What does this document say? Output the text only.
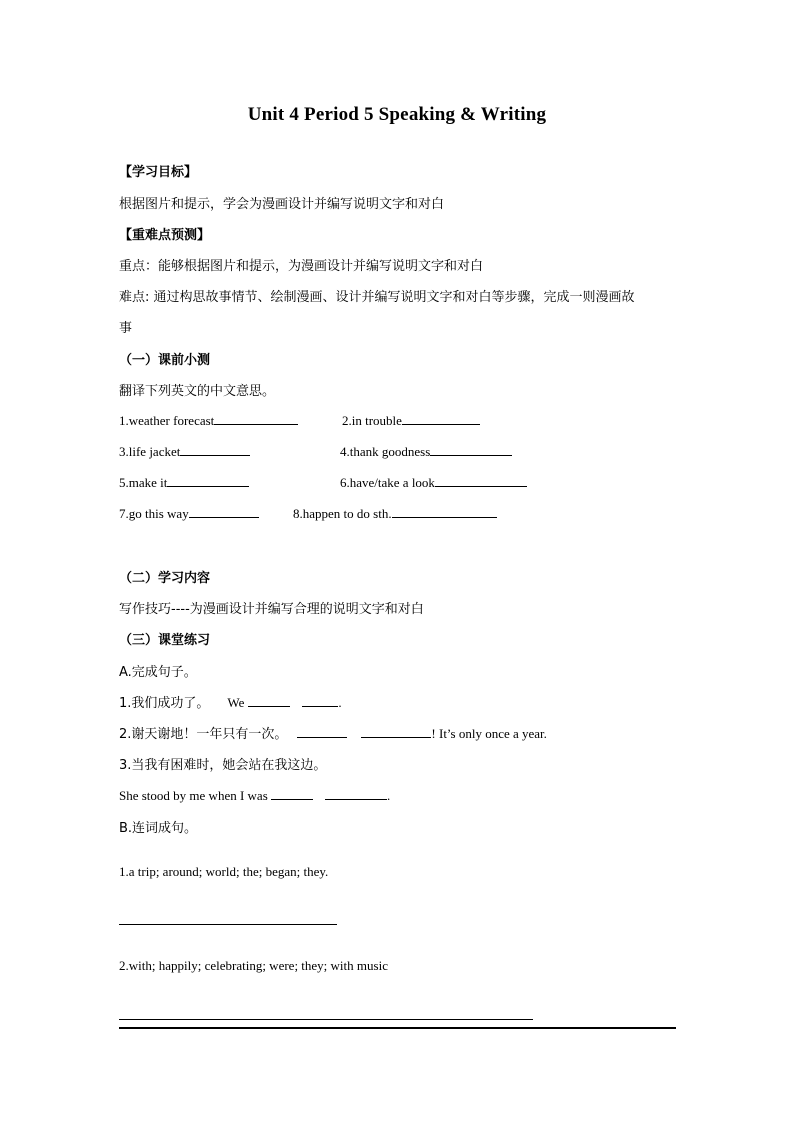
Unit 4 Period 5 Speaking & Writing
【学习目标】
根据图片和提示，学会为漫画设计并编写说明文字和对白
【重难点预测】
重点：能够根据图片和提示，为漫画设计并编写说明文字和对白
难点: 通过构思故事情节、绘制漫画、设计并编写说明文字和对白等步骤，完成一则漫画故
事
（一）课前小测
翻译下列英文的中文意思。
1.weather forecast	2.in trouble
3.life jacket	4.thank goodness
5.make it	6.have/take a look
7.go this way	8.happen to do sth.
（二）学习内容
写作技巧----为漫画设计并编写合理的说明文字和对白
（三）课堂练习
A.完成句子。
1.我们成功了。 We	.
2.谢天谢地！一年只有一次。	! It’s only once a year.
3.当我有困难时，她会站在我这边。
She stood by me when I was	.
B.连词成句。
1.a trip; around; world; the; began; they.
2.with; happily; celebrating; were; they; with music
